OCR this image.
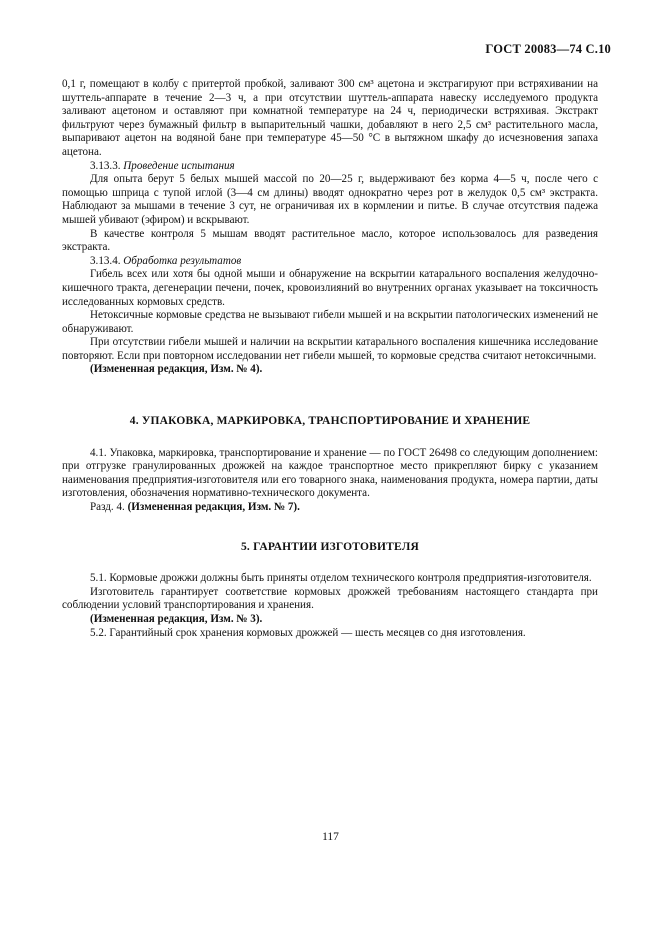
ГОСТ 20083—74 С.10

0,1 г, помещают в колбу с притертой пробкой, заливают 300 см³ ацетона и экстрагируют при встряхивании на шуттель-аппарате в течение 2—3 ч, а при отсутствии шуттель-аппарата навеску исследуемого продукта заливают ацетоном и оставляют при комнатной температуре на 24 ч, периодически встряхивая. Экстракт фильтруют через бумажный фильтр в выпарительный чашки, добавляют в него 2,5 см³ растительного масла, выпаривают ацетон на водяной бане при температуре 45—50 °С в вытяжном шкафу до исчезновения запаха ацетона.

3.13.3. Проведение испытания

Для опыта берут 5 белых мышей массой по 20—25 г, выдерживают без корма 4—5 ч, после чего с помощью шприца с тупой иглой (3—4 см длины) вводят однократно через рот в желудок 0,5 см³ экстракта. Наблюдают за мышами в течение 3 сут, не ограничивая их в кормлении и питье. В случае отсутствия падежа мышей убивают (эфиром) и вскрывают.

В качестве контроля 5 мышам вводят растительное масло, которое использовалось для разведения экстракта.

3.13.4. Обработка результатов

Гибель всех или хотя бы одной мыши и обнаружение на вскрытии катарального воспаления желудочно-кишечного тракта, дегенерации печени, почек, кровоизлияний во внутренних органах указывает на токсичность исследованных кормовых средств.

Нетоксичные кормовые средства не вызывают гибели мышей и на вскрытии патологических изменений не обнаруживают.

При отсутствии гибели мышей и наличии на вскрытии катарального воспаления кишечника исследование повторяют. Если при повторном исследовании нет гибели мышей, то кормовые средства считают нетоксичными.

(Измененная редакция, Изм. № 4).

4. УПАКОВКА, МАРКИРОВКА, ТРАНСПОРТИРОВАНИЕ И ХРАНЕНИЕ

4.1. Упаковка, маркировка, транспортирование и хранение — по ГОСТ 26498 со следующим дополнением: при отгрузке гранулированных дрожжей на каждое транспортное место прикрепляют бирку с указанием наименования предприятия-изготовителя или его товарного знака, наименования продукта, номера партии, даты изготовления, обозначения нормативно-технического документа.

Разд. 4. (Измененная редакция, Изм. № 7).

5. ГАРАНТИИ ИЗГОТОВИТЕЛЯ

5.1. Кормовые дрожжи должны быть приняты отделом технического контроля предприятия-изготовителя.

Изготовитель гарантирует соответствие кормовых дрожжей требованиям настоящего стандарта при соблюдении условий транспортирования и хранения.

(Измененная редакция, Изм. № 3).

5.2. Гарантийный срок хранения кормовых дрожжей — шесть месяцев со дня изготовления.

117
